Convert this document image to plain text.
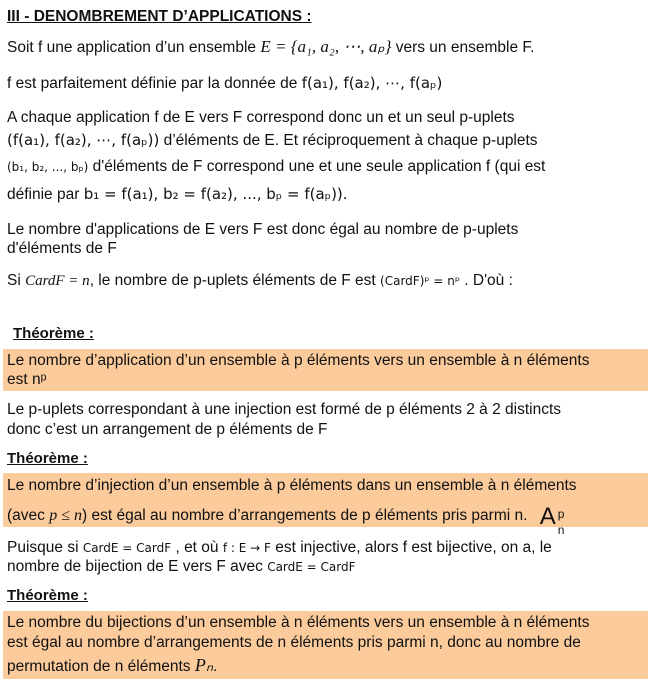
III - DENOMBREMENT D’APPLICATIONS :
Soit f une application d’un ensemble E = {a₁, a₂, ⋯, aₚ} vers un ensemble F.
f est parfaitement définie par la donnée de f(a₁), f(a₂), ⋯, f(aₚ)
A chaque application f de E vers F correspond donc un et un seul p-uplets
(f(a₁), f(a₂), ⋯, f(aₚ)) d’éléments de E. Et réciproquement à chaque p-uplets
(b₁, b₂, ..., bₚ) d'éléments de F correspond une et une seule application f (qui est
définie par b₁ = f(a₁), b₂ = f(a₂), ..., bₚ = f(aₚ)).
Le nombre d'applications de E vers F est donc égal au nombre de p-uplets
d'éléments de F
Si CardF = n, le nombre de p-uplets éléments de F est (CardF)ᵖ = nᵖ . D'où :
Théorème :
Le nombre d’application d’un ensemble à p éléments vers un ensemble à n éléments
est nᵖ
Le p-uplets correspondant à une injection est formé de p éléments 2 à 2 distincts
donc c’est un arrangement de p éléments de F
Théorème :
Le nombre d’injection d’un ensemble à p éléments dans un ensemble à n éléments
(avec p ≤ n) est égal au nombre d’arrangements de p éléments pris parmi n. A p
n
Puisque si CardE = CardF , et où f : E → F est injective, alors f est bijective, on a, le
nombre de bijection de E vers F avec CardE = CardF
Théorème :
Le nombre du bijections d’un ensemble à n éléments vers un ensemble à n éléments
est égal au nombre d’arrangements de n éléments pris parmi n, donc au nombre de
permutation de n éléments Pₙ.
